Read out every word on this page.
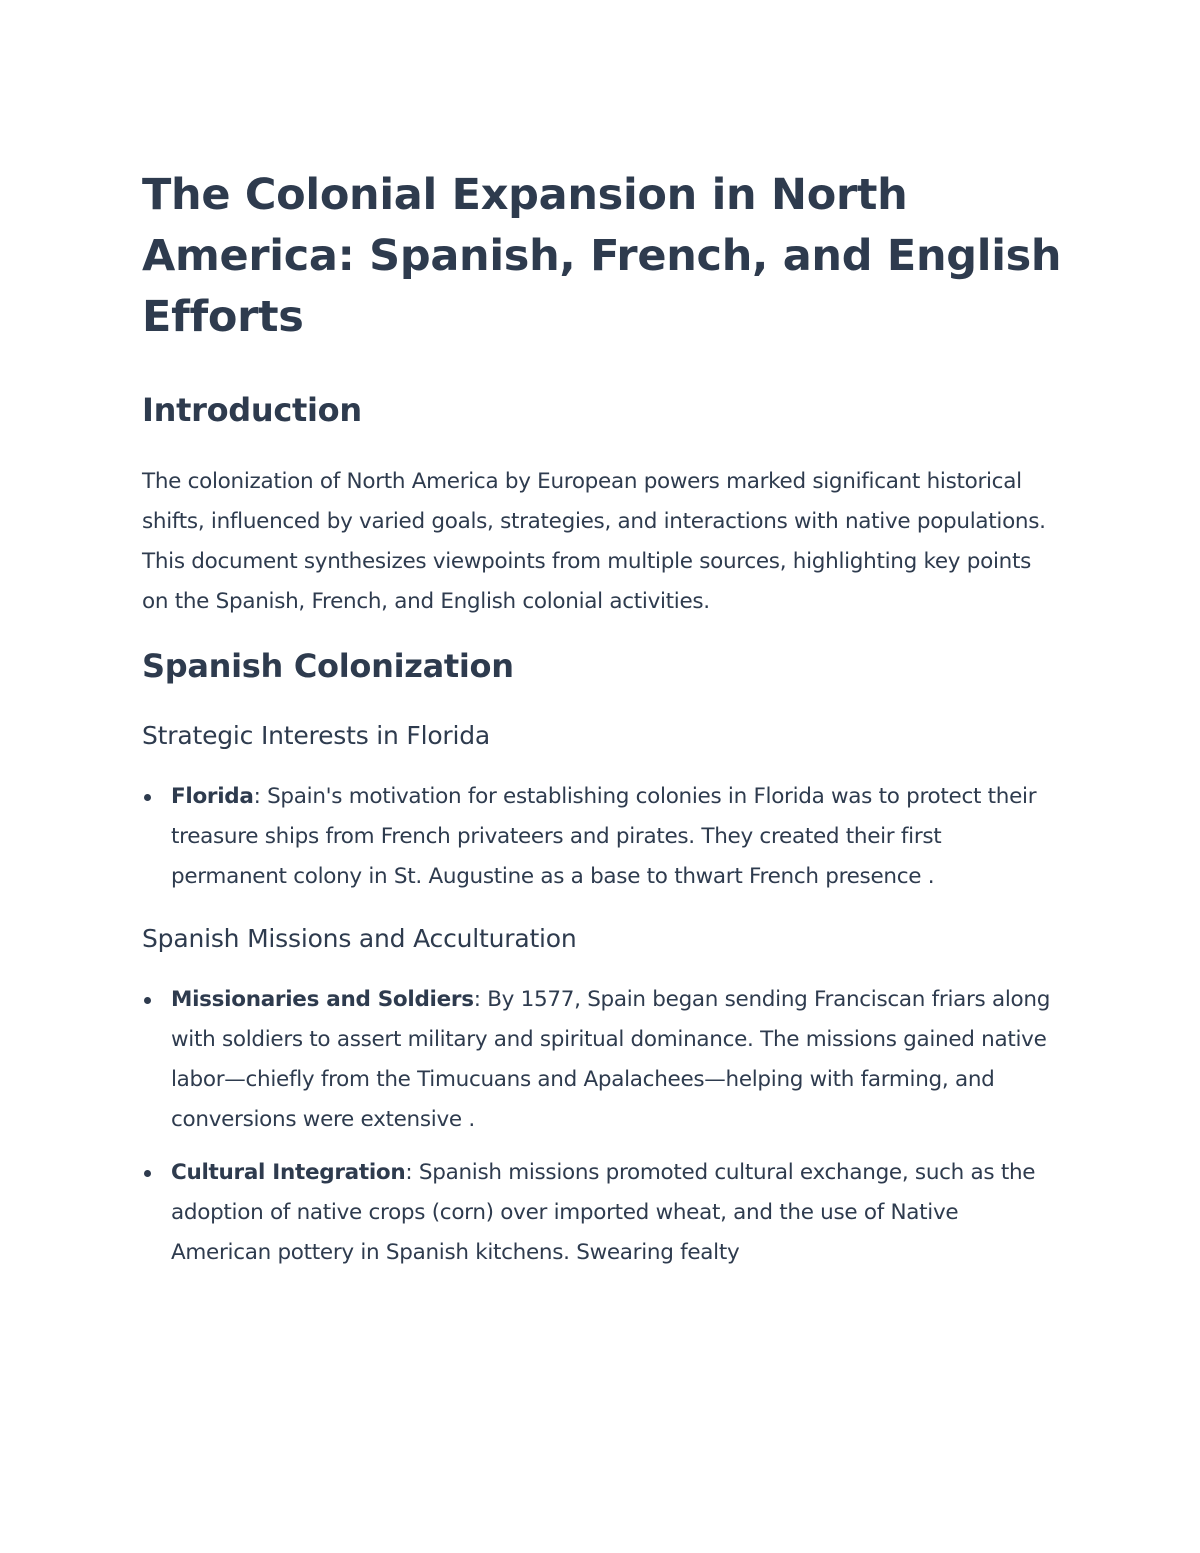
The Colonial Expansion in North America: Spanish, French, and English Efforts
Introduction

The colonization of North America by European powers marked significant historical shifts, influenced by varied goals, strategies, and interactions with native populations. This document synthesizes viewpoints from multiple sources, highlighting key points on the Spanish, French, and English colonial activities.

Spanish Colonization
Strategic Interests in Florida
Florida: Spain's motivation for establishing colonies in Florida was to protect their treasure ships from French privateers and pirates. They created their first permanent colony in St. Augustine as a base to thwart French presence .
Spanish Missions and Acculturation
Missionaries and Soldiers: By 1577, Spain began sending Franciscan friars along with soldiers to assert military and spiritual dominance. The missions gained native labor—chiefly from the Timucuans and Apalachees—helping with farming, and conversions were extensive .
Cultural Integration: Spanish missions promoted cultural exchange, such as the adoption of native crops (corn) over imported wheat, and the use of Native American pottery in Spanish kitchens. Swearing fealty
